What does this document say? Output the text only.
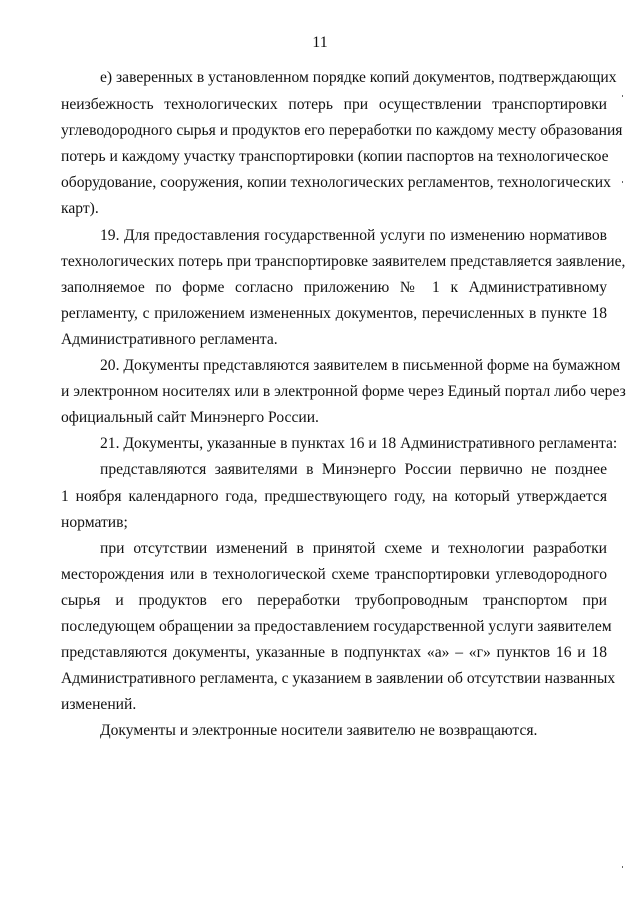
11
е) заверенных в установленном порядке копий документов, подтверждающих
неизбежность технологических потерь при осуществлении транспортировки
углеводородного сырья и продуктов его переработки по каждому месту образования
потерь и каждому участку транспортировки (копии паспортов на технологическое
оборудование, сооружения, копии технологических регламентов, технологических
карт).
19. Для предоставления государственной услуги по изменению нормативов
технологических потерь при транспортировке заявителем представляется заявление,
заполняемое по форме согласно приложению № 1 к Административному
регламенту, с приложением измененных документов, перечисленных в пункте 18
Административного регламента.
20. Документы представляются заявителем в письменной форме на бумажном
и электронном носителях или в электронной форме через Единый портал либо через
официальный сайт Минэнерго России.
21. Документы, указанные в пунктах 16 и 18 Административного регламента:
представляются заявителями в Минэнерго России первично не позднее
1 ноября календарного года, предшествующего году, на который утверждается
норматив;
при отсутствии изменений в принятой схеме и технологии разработки
месторождения или в технологической схеме транспортировки углеводородного
сырья и продуктов его переработки трубопроводным транспортом при
последующем обращении за предоставлением государственной услуги заявителем
представляются документы, указанные в подпунктах «а» – «г» пунктов 16 и 18
Административного регламента, с указанием в заявлении об отсутствии названных
изменений.
Документы и электронные носители заявителю не возвращаются.
